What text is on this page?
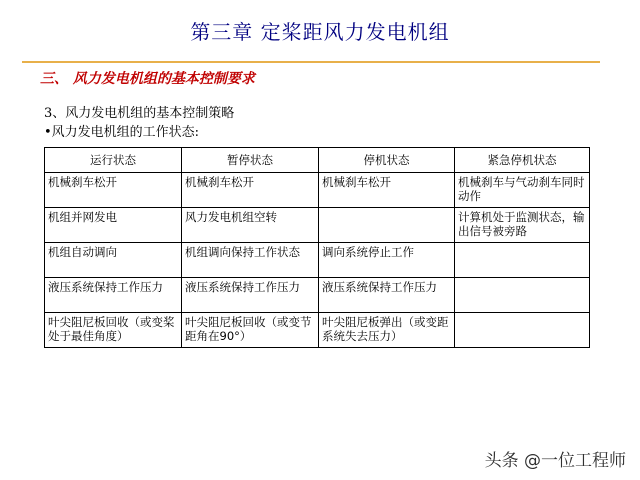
第三章 定桨距风力发电机组
三、 风力发电机组的基本控制要求
3、风力发电机组的基本控制策略
•风力发电机组的工作状态:
运行状态	暂停状态	停机状态	紧急停机状态
机械刹车松开	机械刹车松开	机械刹车松开	机械刹车与气动刹车同时动作
机组并网发电	风力发电机组空转		计算机处于监测状态，输出信号被旁路
机组自动调向	机组调向保持工作状态	调向系统停止工作	
液压系统保持工作压力	液压系统保持工作压力	液压系统保持工作压力	
叶尖阻尼板回收（或变桨处于最佳角度）	叶尖阻尼板回收（或变节距角在90°）	叶尖阻尼板弹出（或变距系统失去压力）	
头条 @一位工程师
